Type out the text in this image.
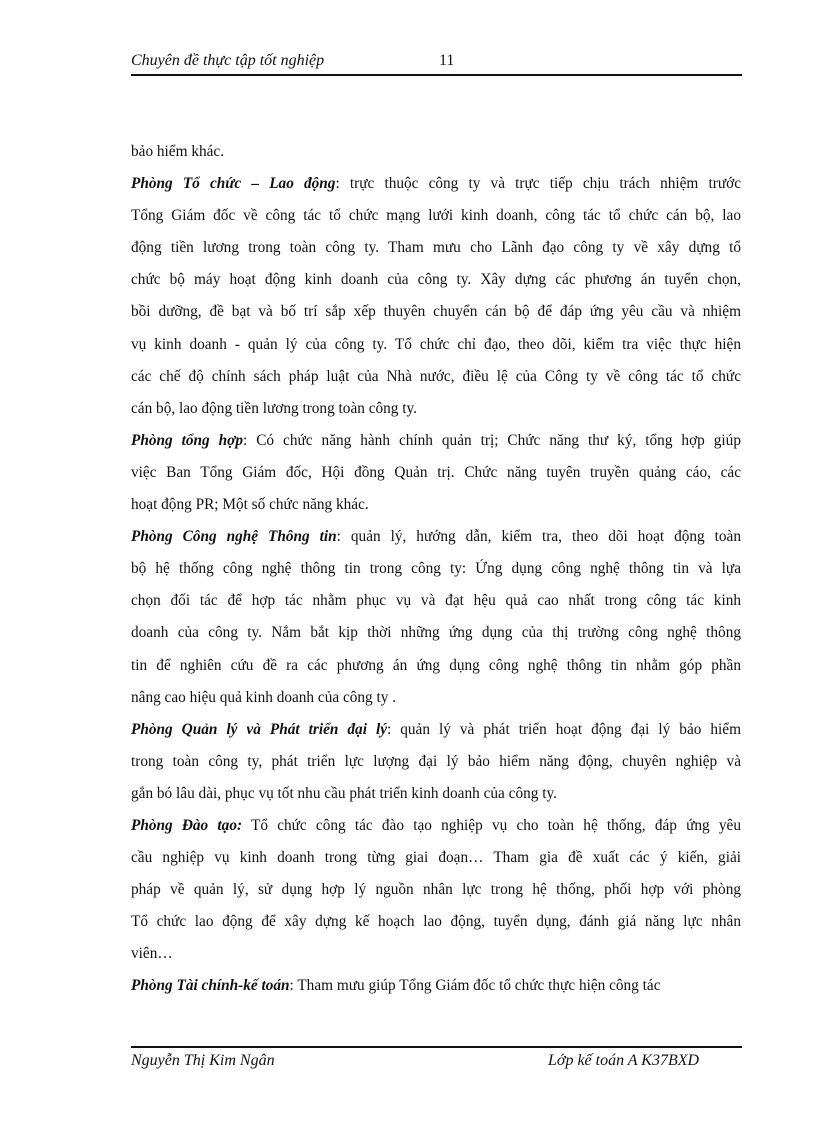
Chuyên đề thực tập tốt nghiệp	11
bảo hiểm khác.
Phòng Tổ chức – Lao động: trực thuộc công ty và trực tiếp chịu trách nhiệm trước
Tổng Giám đốc về công tác tổ chức mạng lưới kinh doanh, công tác tổ chức cán bộ, lao
động tiền lương trong toàn công ty. Tham mưu cho Lãnh đạo công ty về xây dựng tổ
chức bộ máy hoạt động kinh doanh của công ty. Xây dựng các phương án tuyển chọn,
bồi dưỡng, đề bạt và bố trí sắp xếp thuyên chuyển cán bộ để đáp ứng yêu cầu và nhiệm
vụ kinh doanh - quản lý của công ty. Tổ chức chỉ đạo, theo dõi, kiểm tra việc thực hiện
các chế độ chính sách pháp luật của Nhà nước, điều lệ của Công ty về công tác tổ chức
cán bộ, lao động tiền lương trong toàn công ty.
Phòng tổng hợp: Có chức năng hành chính quản trị; Chức năng thư ký, tổng hợp giúp
việc Ban Tổng Giám đốc, Hội đồng Quản trị. Chức năng tuyên truyền quảng cáo, các
hoạt động PR; Một số chức năng khác.
Phòng Công nghệ Thông tin: quản lý, hướng dẫn, kiểm tra, theo dõi hoạt động toàn
bộ hệ thống công nghệ thông tin trong công ty: Ứng dụng công nghệ thông tin và lựa
chọn đối tác để hợp tác nhằm phục vụ và đạt hệu quả cao nhất trong công tác kinh
doanh của công ty. Nắm bắt kịp thời những ứng dụng của thị trường công nghệ thông
tin để nghiên cứu đề ra các phương án ứng dụng công nghệ thông tin nhằm góp phần
nâng cao hiệu quả kinh doanh của công ty .
Phòng Quản lý và Phát triển đại lý: quản lý và phát triển hoạt động đại lý bảo hiểm
trong toàn công ty, phát triển lực lượng đại lý bảo hiểm năng động, chuyên nghiệp và
gắn bó lâu dài, phục vụ tốt nhu cầu phát triển kinh doanh của công ty.
Phòng Đào tạo: Tổ chức công tác đào tạo nghiệp vụ cho toàn hệ thống, đáp ứng yêu
cầu nghiệp vụ kinh doanh trong từng giai đoạn… Tham gia đề xuất các ý kiến, giải
pháp về quản lý, sử dụng hợp lý nguồn nhân lực trong hệ thống, phối hợp với phòng
Tổ chức lao động để xây dựng kế hoạch lao động, tuyển dụng, đánh giá năng lực nhân
viên…
Phòng Tài chính-kế toán: Tham mưu giúp Tổng Giám đốc tổ chức thực hiện công tác
Nguyễn Thị Kim Ngân	Lớp kế toán A K37BXD
